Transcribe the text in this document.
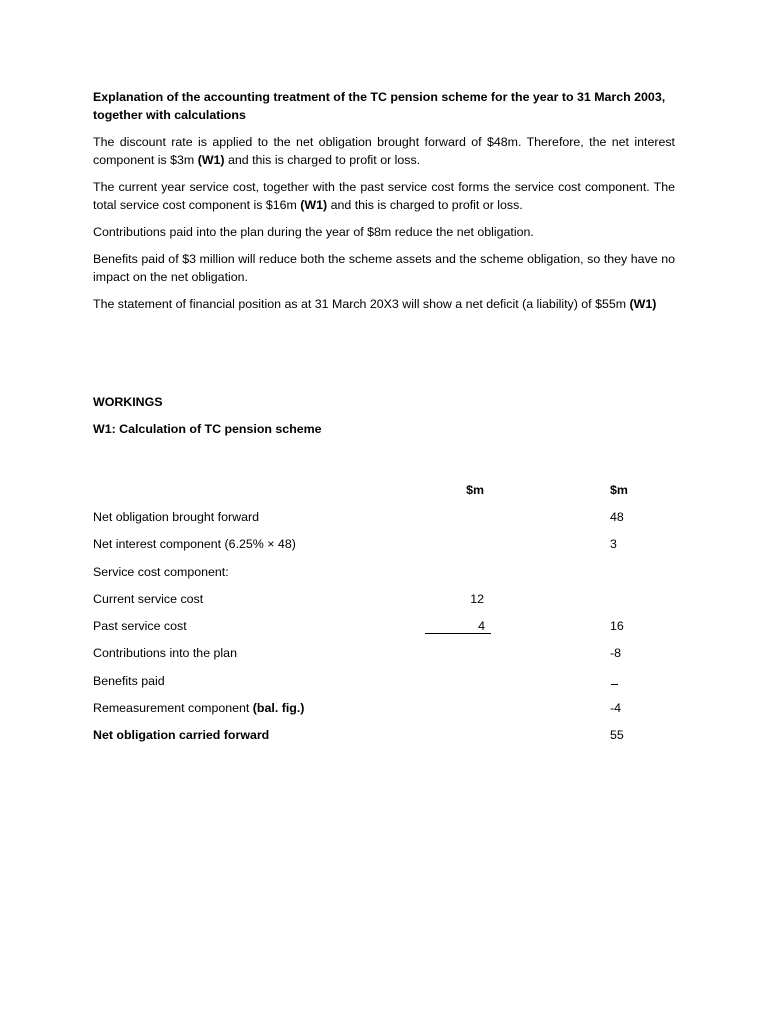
Explanation of the accounting treatment of the TC pension scheme for the year to 31 March 2003, together with calculations

The discount rate is applied to the net obligation brought forward of $48m. Therefore, the net interest component is $3m (W1) and this is charged to profit or loss.

The current year service cost, together with the past service cost forms the service cost component. The total service cost component is $16m (W1) and this is charged to profit or loss.

Contributions paid into the plan during the year of $8m reduce the net obligation.

Benefits paid of $3 million will reduce both the scheme assets and the scheme obligation, so they have no impact on the net obligation.

The statement of financial position as at 31 March 20X3 will show a net deficit (a liability) of $55m (W1)

WORKINGS
W1: Calculation of TC pension scheme
	$m		$m
Net obligation brought forward			48
Net interest component (6.25% × 48)			3
Service cost component:			
Current service cost	12		
Past service cost	4		16
Contributions into the plan			-8
Benefits paid			
Remeasurement component (bal. fig.)			-4
Net obligation carried forward			55
